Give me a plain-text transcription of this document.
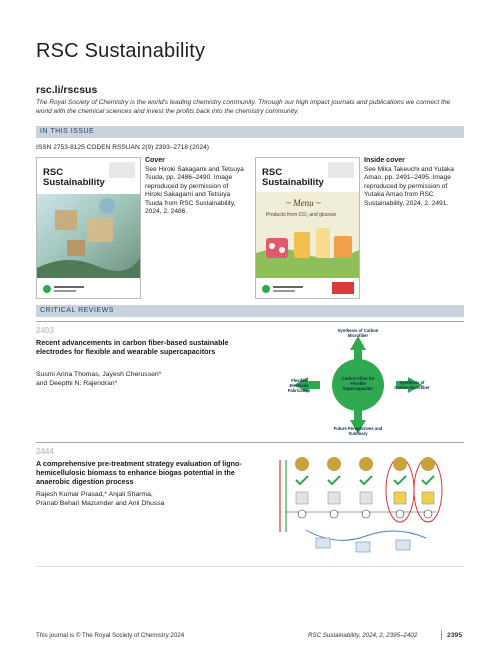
RSC Sustainability
rsc.li/rscsus
The Royal Society of Chemistry is the world's leading chemistry community. Through our high impact journals and publications we connect the world with the chemical sciences and invest the profits back into the chemistry community.
IN THIS ISSUE
ISSN 2753-8125 CODEN RSSUAN 2(9) 2393–2718 (2024)
RSC Sustainability
Cover
See Hiroki Sakagami and Tetsuya Tsuda, pp. 2486–2490. Image reproduced by permission of Hiroki Sakagami and Tetsuya Tsuda from RSC Sustainability, 2024, 2, 2486.
RSC Sustainability
~ Menu ~
Products from CO₂ and glucose
Inside cover
See Mika Takeuchi and Yutaka Amao, pp. 2491–2495. Image reproduced by permission of Yutaka Amao from RSC Sustainability, 2024, 2, 2491.
CRITICAL REVIEWS
2403
Recent advancements in carbon fiber-based sustainable electrodes for flexible and wearable supercapacitors
Susmi Anna Thomas, Jayesh Cherusseri*
and Deepthi N. Rajendran*
Carbon Fiber for Flexible Supercapacitor
Synthesis of Carbon Microfiber
Synthesis of Carbon Nanofiber
Future Perspectives and Summary
Flexible Electrode Fabrication
2444
A comprehensive pre-treatment strategy evaluation of ligno-hemicellulosic biomass to enhance biogas potential in the anaerobic digestion process
Rajesh Kumar Prasad,* Anjali Sharma,
Pranab Behari Mazumder and Anil Dhussa
This journal is © The Royal Society of Chemistry 2024	RSC Sustainability, 2024, 2, 2395–2402	2395
